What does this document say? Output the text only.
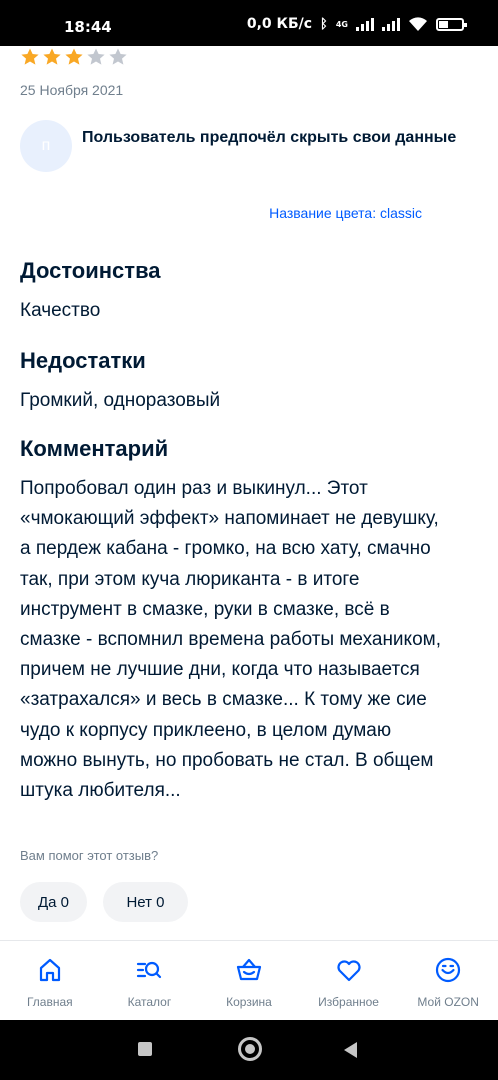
18:44	0,0 КБ/с ᛒ 4G
25 Ноября 2021
п	Пользователь предпочёл скрыть свои данные
Название цвета: classic
Достоинства
Качество
Недостатки
Громкий, одноразовый
Комментарий
Попробовал один раз и выкинул... Этот «чмокающий эффект» напоминает не девушку, а пердеж кабана - громко, на всю хату, смачно так, при этом куча люриканта - в итоге инструмент в смазке, руки в смазке, всё в смазке - вспомнил времена работы механиком, причем не лучшие дни, когда что называется «затрахался» и весь в смазке... К тому же сие чудо к корпусу приклеено, в целом думаю можно вынуть, но пробовать не стал. В общем штука любителя...
Вам помог этот отзыв?
Да 0	Нет 0
Главная	Каталог	Корзина	Избранное	Мой OZON
